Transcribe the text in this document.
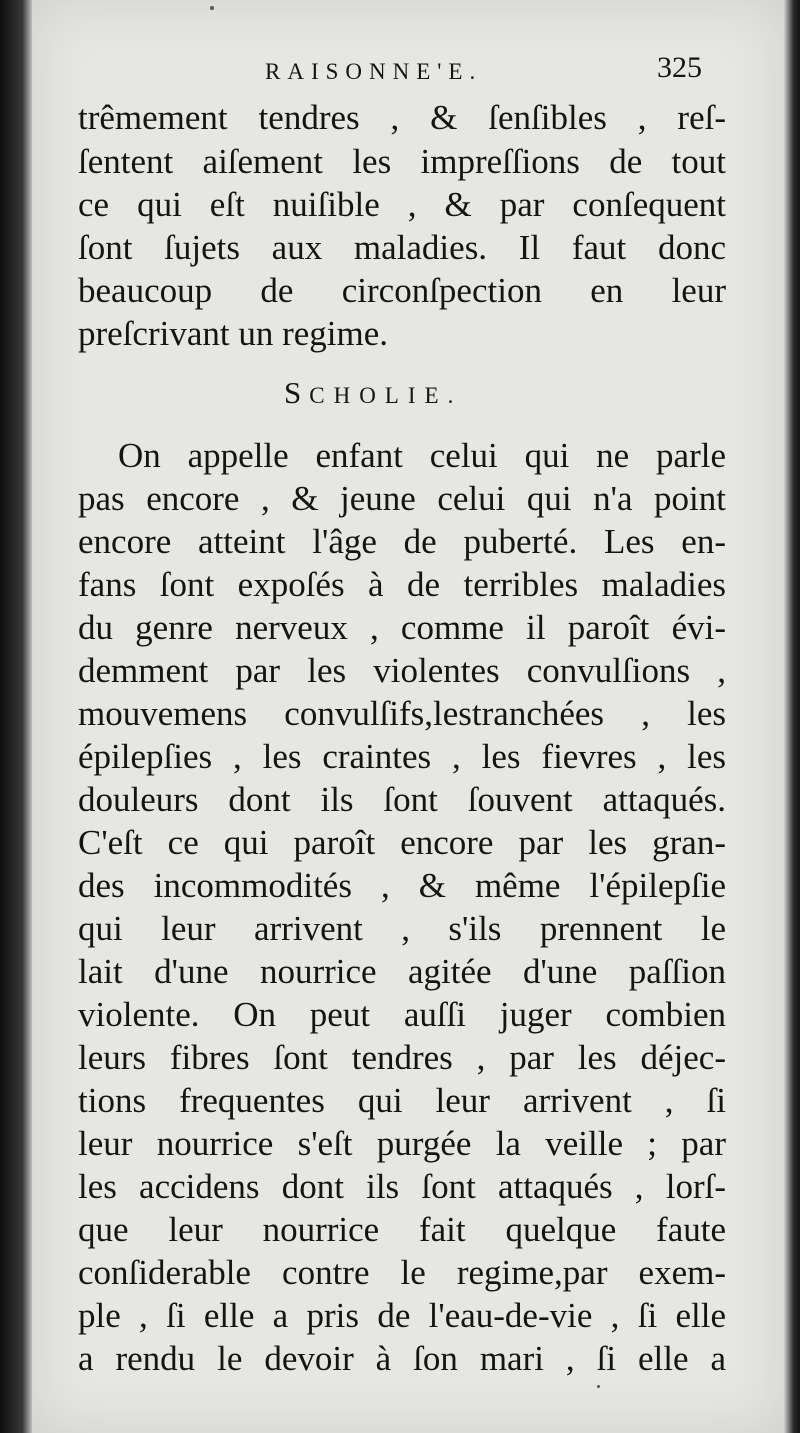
RAISONNE'E.	325
trêmement tendres , & ſenſibles , reſ-
ſentent aiſement les impreſſions de tout
ce qui eſt nuiſible , & par conſequent
ſont ſujets aux maladies. Il faut donc
beaucoup de circonſpection en leur
preſcrivant un regime.
SCHOLIE.
On appelle enfant celui qui ne parle
pas encore , & jeune celui qui n'a point
encore atteint l'âge de puberté. Les en-
fans ſont expoſés à de terribles maladies
du genre nerveux , comme il paroît évi-
demment par les violentes convulſions ,
mouvemens convulſifs,lestranchées , les
épilepſies , les craintes , les fievres , les
douleurs dont ils ſont ſouvent attaqués.
C'eſt ce qui paroît encore par les gran-
des incommodités , & même l'épilepſie
qui leur arrivent , s'ils prennent le
lait d'une nourrice agitée d'une paſſion
violente. On peut auſſi juger combien
leurs fibres ſont tendres , par les déjec-
tions frequentes qui leur arrivent , ſi
leur nourrice s'eſt purgée la veille ; par
les accidens dont ils ſont attaqués , lorſ-
que leur nourrice fait quelque faute
conſiderable contre le regime,par exem-
ple , ſi elle a pris de l'eau-de-vie , ſi elle
a rendu le devoir à ſon mari , ſi elle a
